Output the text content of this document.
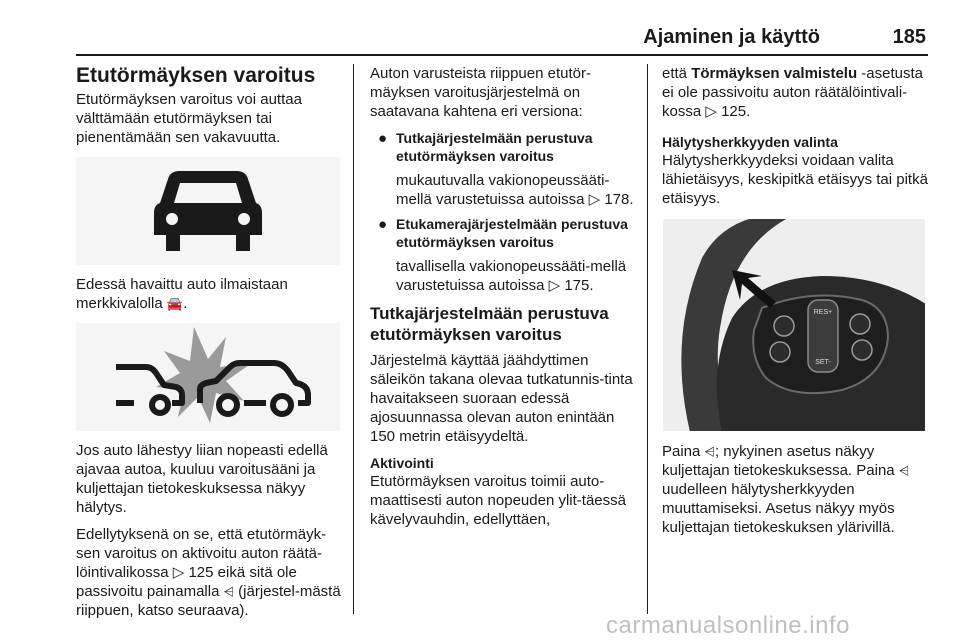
Ajaminen ja käyttö	185
Etutörmäyksen varoitus

Etutörmäyksen varoitus voi auttaa välttämään etutörmäyksen tai pienentämään sen vakavuutta.

Edessä havaittu auto ilmaistaan merkkivalolla 🚘.

Jos auto lähestyy liian nopeasti edellä ajavaa autoa, kuuluu varoitusääni ja kuljettajan tietokeskuksessa näkyy hälytys.

Edellytyksenä on se, että etutörmäyk-sen varoitus on aktivoitu auton räätä-löintivalikossa ▷ 125 eikä sitä ole passivoitu painamalla ⩤ (järjestel-mästä riippuen, katso seuraava).

Auton varusteista riippuen etutör-mäyksen varoitusjärjestelmä on saatavana kahtena eri versiona:

● Tutkajärjestelmään perustuva etutörmäyksen varoitus
mukautuvalla vakionopeussääti-mellä varustetuissa autoissa ▷ 178.
● Etukamerajärjestelmään perustuva etutörmäyksen varoitus
tavallisella vakionopeussääti-mellä varustetuissa autoissa ▷ 175.
Tutkajärjestelmään perustuva etutörmäyksen varoitus

Järjestelmä käyttää jäähdyttimen säleikön takana olevaa tutkatunnis-tinta havaitakseen suoraan edessä ajosuunnassa olevan auton enintään 150 metrin etäisyydeltä.

Aktivointi

Etutörmäyksen varoitus toimii auto-maattisesti auton nopeuden ylit-täessä kävelyvauhdin, edellyttäen,

että Törmäyksen valmistelu -asetusta ei ole passivoitu auton räätälöintivali-kossa ▷ 125.

Hälytysherkkyyden valinta

Hälytysherkkyydeksi voidaan valita lähietäisyys, keskipitkä etäisyys tai pitkä etäisyys.

RES+
SET-

Paina ⩤; nykyinen asetus näkyy kuljettajan tietokeskuksessa. Paina ⩤ uudelleen hälytysherkkyyden muuttamiseksi. Asetus näkyy myös kuljettajan tietokeskuksen ylärivillä.

carmanualsonline.info
